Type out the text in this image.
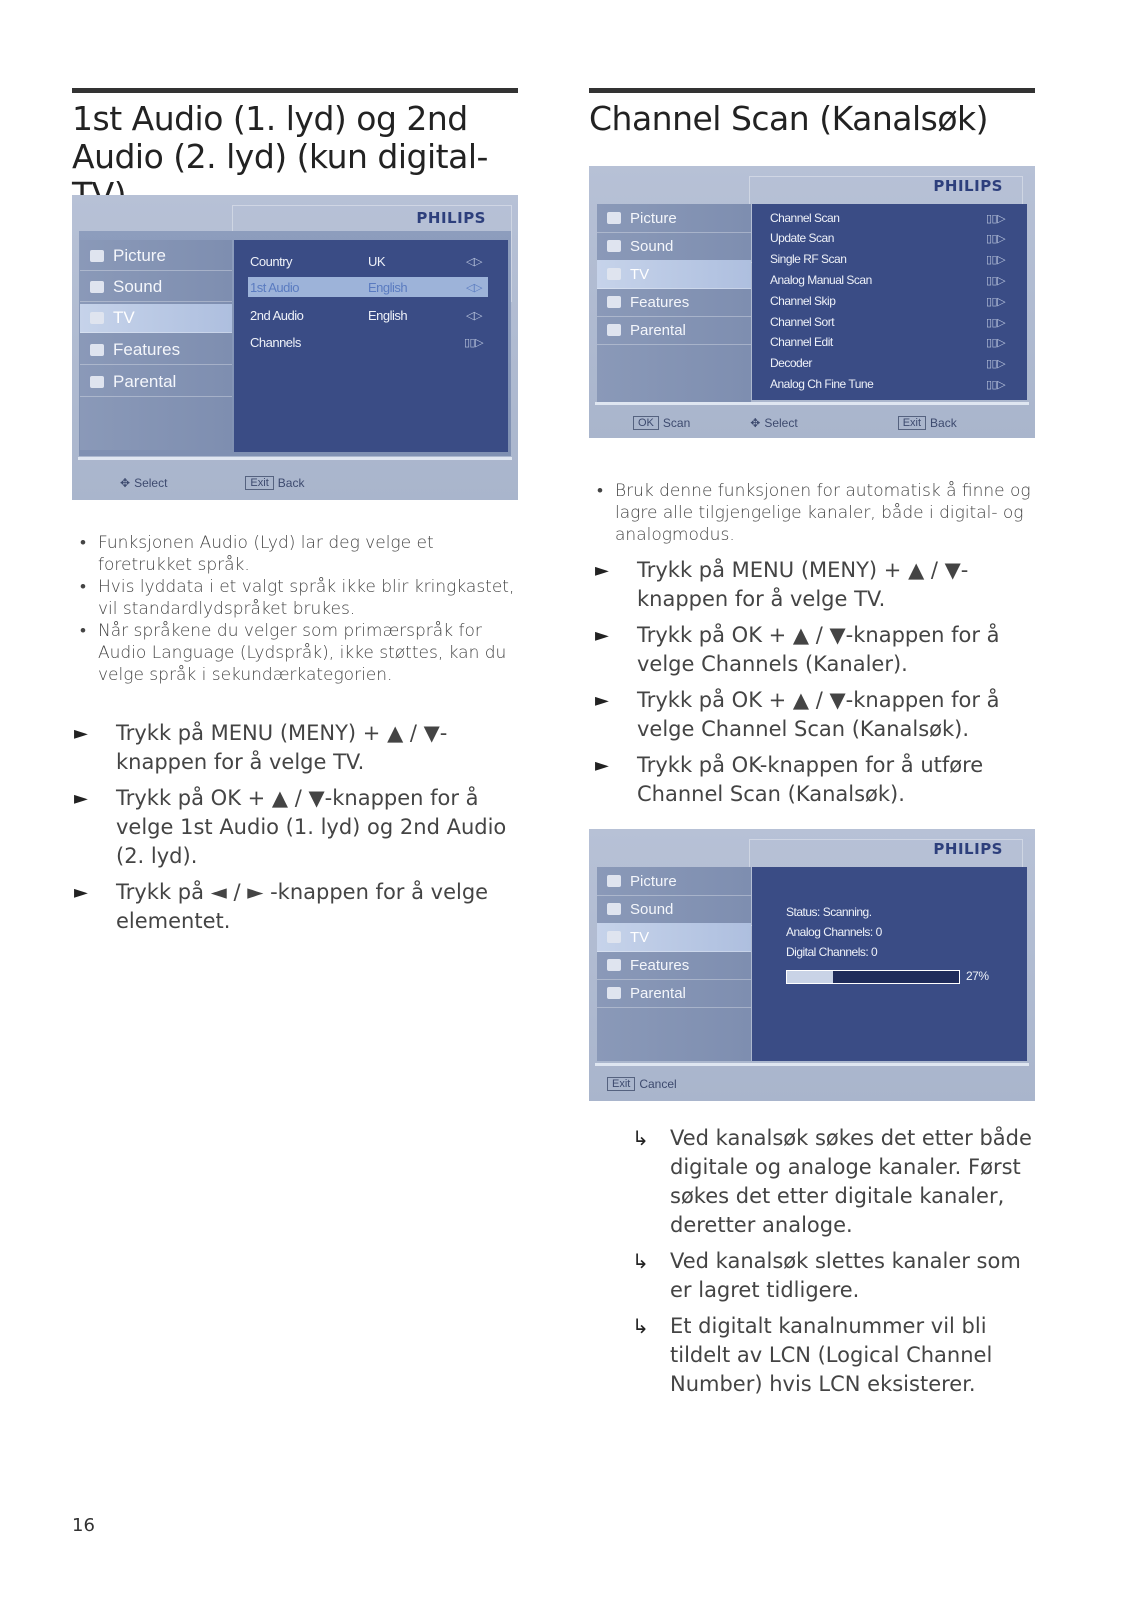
1st Audio (1. lyd) og 2nd Audio (2. lyd) (kun digital-
PHILIPS
Picture
Sound
TV
Features
Parental
Country	UK	◁▷
1st Audio	English	◁▷
2nd Audio	English	◁▷
Channels	▯▯▷
✥ Select	Exit Back
• Funksjonen Audio (Lyd) lar deg velge et foretrukket språk.
• Hvis lyddata i et valgt språk ikke blir kringkastet, vil standardlydspråket brukes.
• Når språkene du velger som primærspråk for Audio Language (Lydspråk), ikke støttes, kan du velge språk i sekundærkategorien.
► Trykk på MENU (MENY) + ▲ / ▼-knappen for å velge TV.
► Trykk på OK + ▲ / ▼-knappen for å velge 1st Audio (1. lyd) og 2nd Audio (2. lyd).
► Trykk på ◄ / ► -knappen for å velge elementet.
Channel Scan (Kanalsøk)
PHILIPS
Picture
Sound
TV
Features
Parental
Channel Scan	▯▯▷
Update Scan	▯▯▷
Single RF Scan	▯▯▷
Analog Manual Scan	▯▯▷
Channel Skip	▯▯▷
Channel Sort	▯▯▷
Channel Edit	▯▯▷
Decoder	▯▯▷
Analog Ch Fine Tune	▯▯▷
OK Scan	✥ Select	Exit Back
• Bruk denne funksjonen for automatisk å finne og lagre alle tilgjengelige kanaler, både i digital- og analogmodus.
► Trykk på MENU (MENY) + ▲ / ▼-knappen for å velge TV.
► Trykk på OK + ▲ / ▼-knappen for å velge Channels (Kanaler).
► Trykk på OK + ▲ / ▼-knappen for å velge Channel Scan (Kanalsøk).
► Trykk på OK-knappen for å utføre Channel Scan (Kanalsøk).
PHILIPS
Picture
Sound
TV
Features
Parental
Status: Scanning.
Analog Channels: 0
Digital Channels: 0
27%
Exit Cancel
↳ Ved kanalsøk søkes det etter både digitale og analoge kanaler. Først søkes det etter digitale kanaler, deretter analoge.
↳ Ved kanalsøk slettes kanaler som er lagret tidligere.
↳ Et digitalt kanalnummer vil bli tildelt av LCN (Logical Channel Number) hvis LCN eksisterer.
16
